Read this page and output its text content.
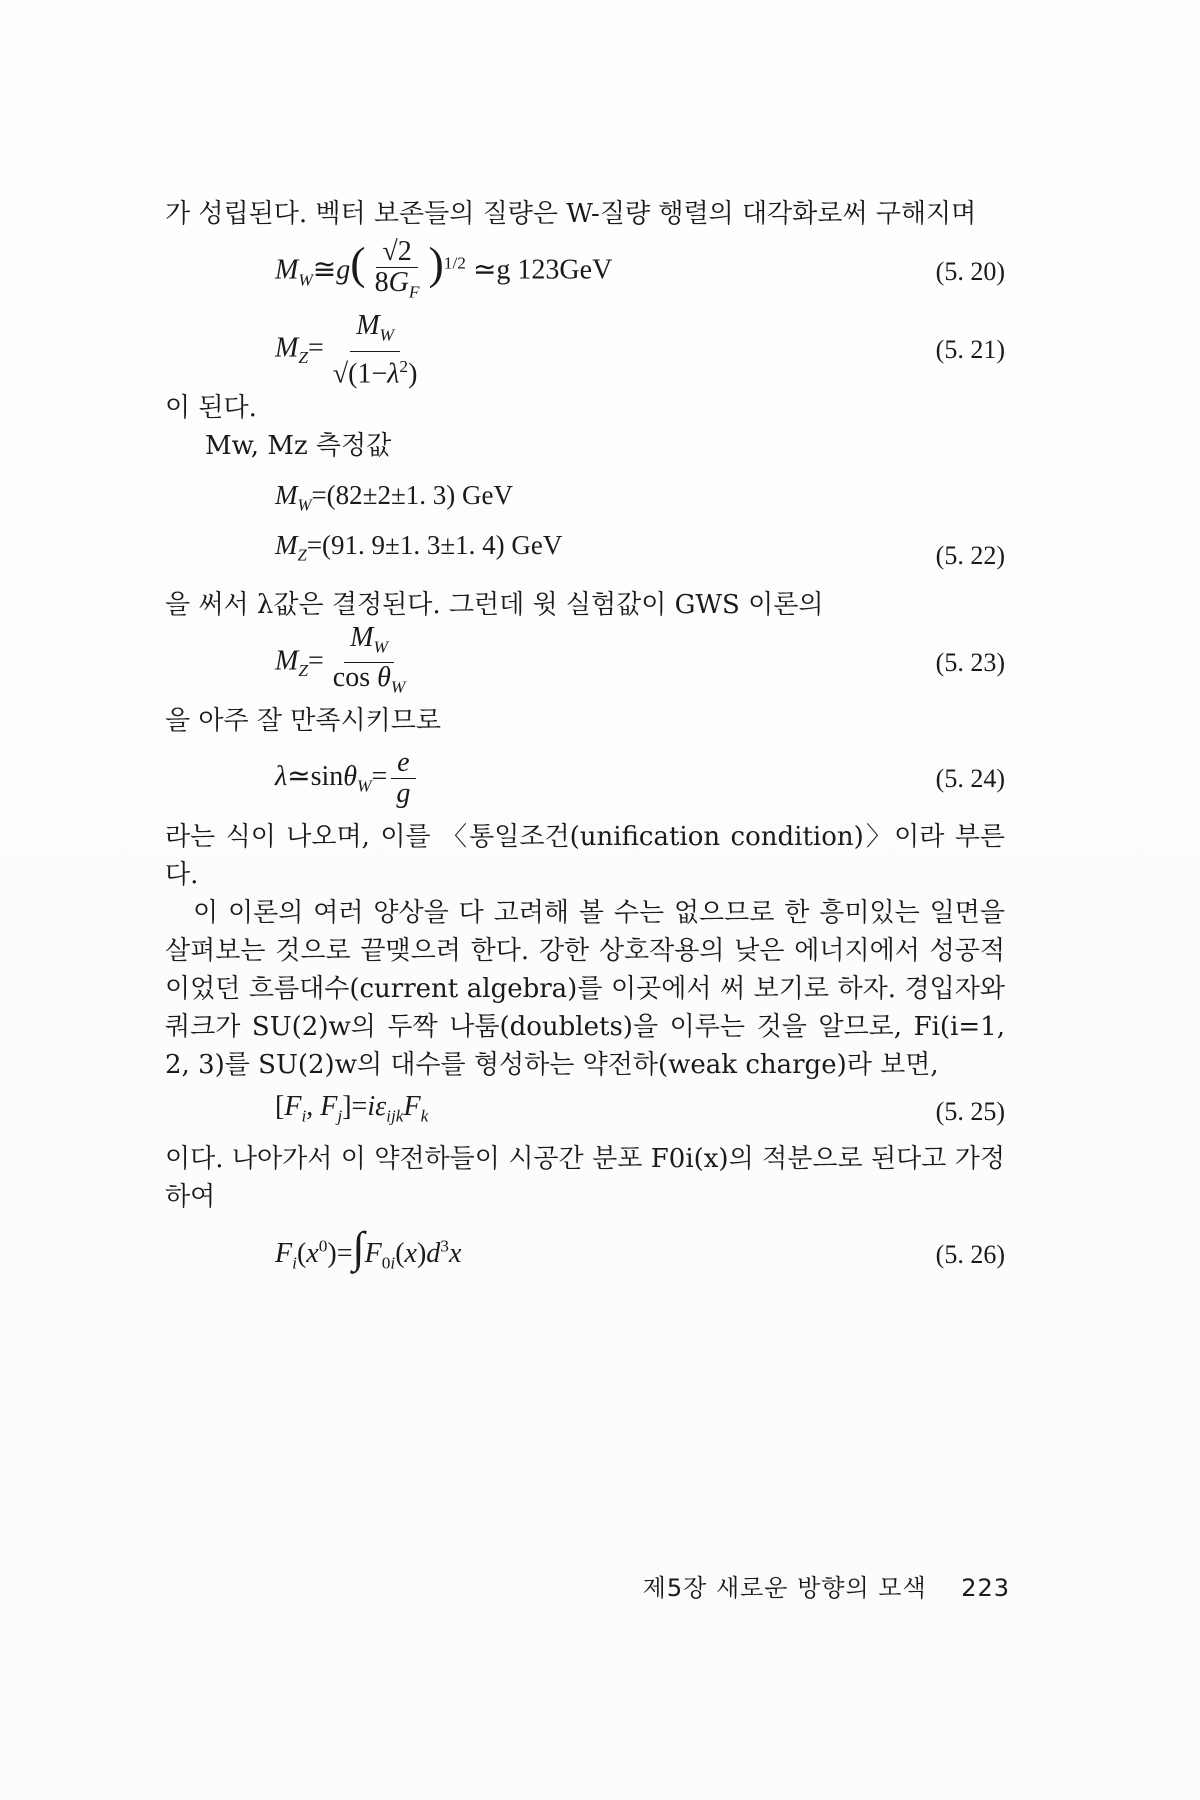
가 성립된다. 벡터 보존들의 질량은 W-질량 행렬의 대각화로써 구해지며

$M_W≅g( \frac{√2}{8G_F} )^{1/2}$ ≃g 123GeV	(5. 20)
$M_Z= \frac{M_W}{√(1-\lambda^2)}$	(5. 21)

이 된다.

Mw, Mz 측정값

$M_W=(82\pm 2\pm 1$. 3) GeV
$M_Z=(91$. 9±1. 3±1. 4) GeV	(5. 22)

을 써서 λ값은 결정된다. 그런데 윗 실험값이 GWS 이론의

$M_Z= \frac{M_W}{\cos \theta_W}$	(5. 23)

을 아주 잘 만족시키므로

λ≃sinθ$_W$= $\frac{e}{g}$	(5. 24)

라는 식이 나오며, 이를 〈통일조건(unification condition)〉이라 부른다.

이 이론의 여러 양상을 다 고려해 볼 수는 없으므로 한 흥미있는 일면을 살펴보는 것으로 끝맺으려 한다. 강한 상호작용의 낮은 에너지에서 성공적이었던 흐름대수(current algebra)를 이곳에서 써 보기로 하자. 경입자와 쿼크가 SU(2)w의 두짝 나툼(doublets)을 이루는 것을 알므로, Fi(i=1, 2, 3)를 SU(2)w의 대수를 형성하는 약전하(weak charge)라 보면,

[$F_i$, $F_j]=i\varepsilon_{ijk}F_k$	(5. 25)

이다. 나아가서 이 약전하들이 시공간 분포 F0i(x)의 적분으로 된다고 가정하여

$F_i(x^0)=\int F_{0i}(x)d^3x$	(5. 26)
제5장 새로운 방향의 모색 223
